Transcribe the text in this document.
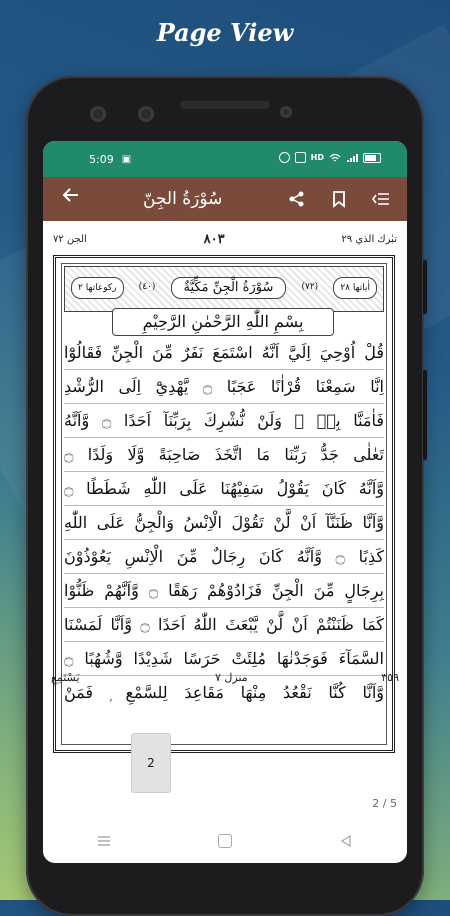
Page View
5:09 ▣	HD
سُوْرَةُ الجِنّ
الجن ٧٢	٨٠٣	تبٰرك الذي ٢٩
اٰياتها ٢٨
(٧٢)
سُوْرَةُ الْجِنِّ مَكِّيَّةٌ
(٤٠)
ركوعاتها ٢
بِسْمِ اللّٰهِ الرَّحْمٰنِ الرَّحِيْمِ
قُلْ اُوْحِيَ اِلَيَّ اَنَّهُ اسْتَمَعَ نَفَرٌ مِّنَ الْجِنِّ فَقَالُوْٓا
اِنَّا سَمِعْنَا قُرْاٰنًا عَجَبًا ۝ يَّهْدِيْٓ اِلَى الرُّشْدِ
فَاٰمَنَّا بِهٖ ۭ وَلَنْ نُّشْرِكَ بِرَبِّنَآ اَحَدًا ۝ وَّاَنَّهُ
تَعٰلٰى جَدُّ رَبِّنَا مَا اتَّخَذَ صَاحِبَةً وَّلَا وَلَدًا ۝
وَّاَنَّهُ كَانَ يَقُوْلُ سَفِيْهُنَا عَلَى اللّٰهِ شَطَطًا ۝
وَّاَنَّا ظَنَنَّآ اَنْ لَّنْ تَقُوْلَ الْاِنْسُ وَالْجِنُّ عَلَى اللّٰهِ
كَذِبًا ۝ وَّاَنَّهُ كَانَ رِجَالٌ مِّنَ الْاِنْسِ يَعُوْذُوْنَ
بِرِجَالٍ مِّنَ الْجِنِّ فَزَادُوْهُمْ رَهَقًا ۝ وَّاَنَّهُمْ ظَنُّوْا
كَمَا ظَنَنْتُمْ اَنْ لَّنْ يَّبْعَثَ اللّٰهُ اَحَدًا ۝ وَّاَنَّا لَمَسْنَا
السَّمَآءَ فَوَجَدْنٰهَا مُلِئَتْ حَرَسًا شَدِيْدًا وَّشُهُبًا ۝
وَّاَنَّا كُنَّا نَقْعُدُ مِنْهَا مَقَاعِدَ لِلسَّمْعِ ۭ فَمَنْ
يَسْتَمِعِ	منزل ٧	٣٥٩
2
2 / 5
